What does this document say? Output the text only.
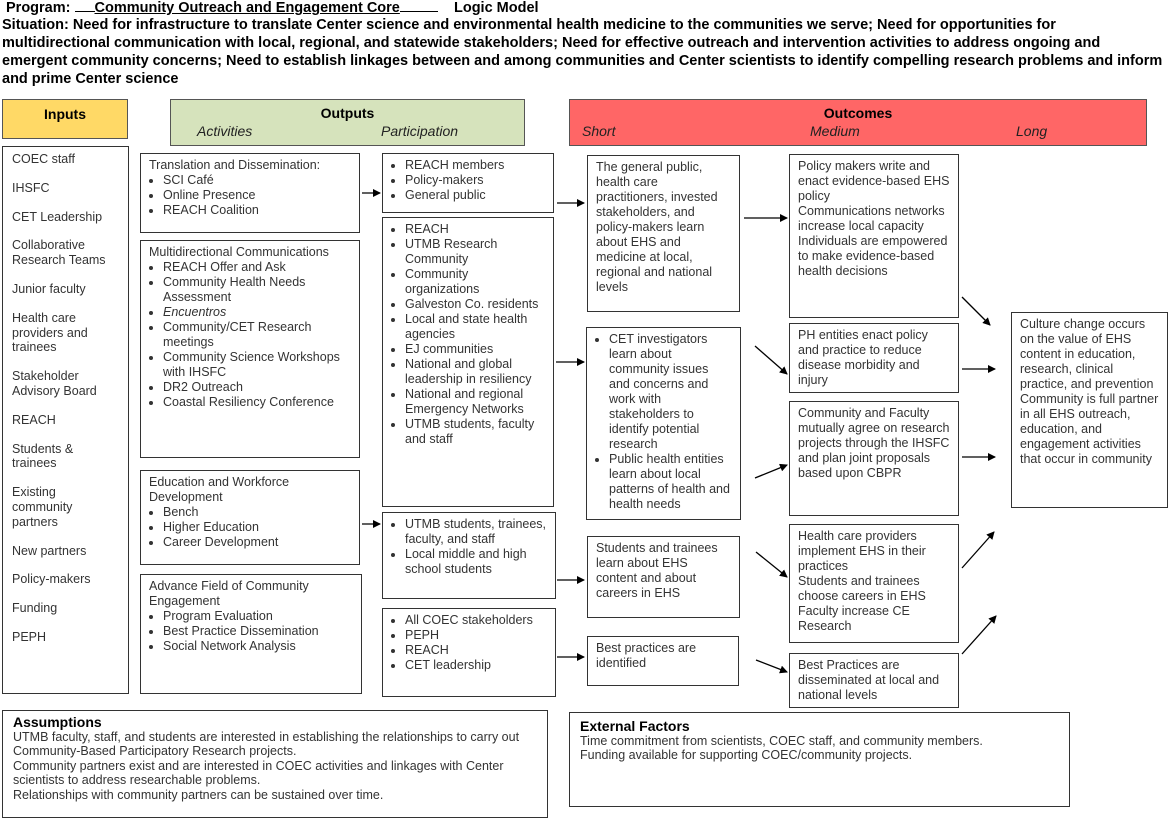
Program: Community Outreach and Engagement Core	Logic Model
Situation: Need for infrastructure to translate Center science and environmental health medicine to the communities we serve; Need for opportunities for multidirectional communication with local, regional, and statewide stakeholders; Need for effective outreach and intervention activities to address ongoing and emergent community concerns; Need to establish linkages between and among communities and Center scientists to identify compelling research problems and inform and prime Center science
Inputs	Outputs
Activities	Participation
Outcomes
Short	Medium	Long
COEC staff
IHSFC
CET Leadership
Collaborative Research Teams
Junior faculty
Health care providers and trainees
Stakeholder Advisory Board
REACH
Students & trainees
Existing community partners
New partners
Policy-makers
Funding
PEPH
Translation and Dissemination:
• SCI Café
• Online Presence
• REACH Coalition
Multidirectional Communications
• REACH Offer and Ask
• Community Health Needs Assessment
• Encuentros
• Community/CET Research meetings
• Community Science Workshops with IHSFC
• DR2 Outreach
• Coastal Resiliency Conference
Education and Workforce Development
• Bench
• Higher Education
• Career Development
Advance Field of Community Engagement
• Program Evaluation
• Best Practice Dissemination
• Social Network Analysis
• REACH members
• Policy-makers
• General public
• REACH
• UTMB Research Community
• Community organizations
• Galveston Co. residents
• Local and state health agencies
• EJ communities
• National and global leadership in resiliency
• National and regional Emergency Networks
• UTMB students, faculty and staff
• UTMB students, trainees, faculty, and staff
• Local middle and high school students
• All COEC stakeholders
• PEPH
• REACH
• CET leadership
The general public, health care practitioners, invested stakeholders, and policy-makers learn about EHS and medicine at local, regional and national levels
• CET investigators learn about community issues and concerns and work with stakeholders to identify potential research
• Public health entities learn about local patterns of health and health needs
Students and trainees learn about EHS content and about careers in EHS
Best practices are identified
Policy makers write and enact evidence-based EHS policy
Communications networks increase local capacity
Individuals are empowered to make evidence-based health decisions
PH entities enact policy and practice to reduce disease morbidity and injury
Community and Faculty mutually agree on research projects through the IHSFC and plan joint proposals based upon CBPR
Health care providers implement EHS in their practices
Students and trainees choose careers in EHS
Faculty increase CE Research
Best Practices are disseminated at local and national levels
Culture change occurs on the value of EHS content in education, research, clinical practice, and prevention
Community is full partner in all EHS outreach, education, and engagement activities that occur in community
Assumptions
UTMB faculty, staff, and students are interested in establishing the relationships to carry out Community-Based Participatory Research projects.
Community partners exist and are interested in COEC activities and linkages with Center scientists to address researchable problems.
Relationships with community partners can be sustained over time.
External Factors
Time commitment from scientists, COEC staff, and community members.
Funding available for supporting COEC/community projects.
